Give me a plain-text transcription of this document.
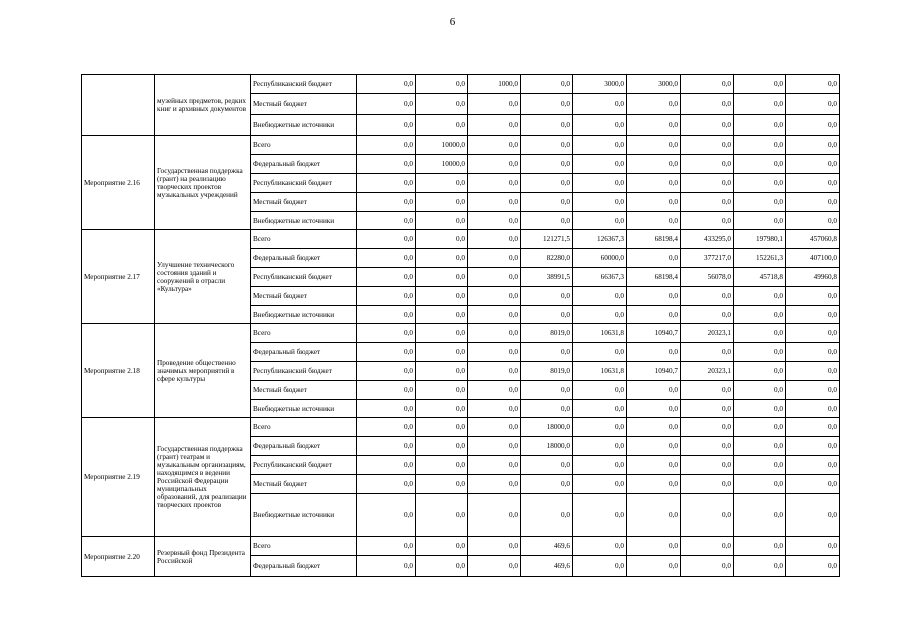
6
	музейных предметов, редких книг и архивных документов	Республиканский бюджет	0,0	0,0	1000,0	0,0	3000,0	3000,0	0,0	0,0	0,0
		Местный бюджет	0,0	0,0	0,0	0,0	0,0	0,0	0,0	0,0	0,0
		Внебюджетные источники	0,0	0,0	0,0	0,0	0,0	0,0	0,0	0,0	0,0
Мероприятие 2.16	Государственная поддержка (грант) на реализацию творческих проектов музыкальных учреждений	Всего	0,0	10000,0	0,0	0,0	0,0	0,0	0,0	0,0	0,0
		Федеральный бюджет	0,0	10000,0	0,0	0,0	0,0	0,0	0,0	0,0	0,0
		Республиканский бюджет	0,0	0,0	0,0	0,0	0,0	0,0	0,0	0,0	0,0
		Местный бюджет	0,0	0,0	0,0	0,0	0,0	0,0	0,0	0,0	0,0
		Внебюджетные источники	0,0	0,0	0,0	0,0	0,0	0,0	0,0	0,0	0,0
Мероприятие 2.17	Улучшение технического состояния зданий и сооружений в отрасли «Культура»	Всего	0,0	0,0	0,0	121271,5	126367,3	68198,4	433295,0	197980,1	457060,8
		Федеральный бюджет	0,0	0,0	0,0	82280,0	60000,0	0,0	377217,0	152261,3	407100,0
		Республиканский бюджет	0,0	0,0	0,0	38991,5	66367,3	68198,4	56078,0	45718,8	49960,8
		Местный бюджет	0,0	0,0	0,0	0,0	0,0	0,0	0,0	0,0	0,0
		Внебюджетные источники	0,0	0,0	0,0	0,0	0,0	0,0	0,0	0,0	0,0
Мероприятие 2.18	Проведение общественно значимых мероприятий в сфере культуры	Всего	0,0	0,0	0,0	8019,0	10631,8	10940,7	20323,1	0,0	0,0
		Федеральный бюджет	0,0	0,0	0,0	0,0	0,0	0,0	0,0	0,0	0,0
		Республиканский бюджет	0,0	0,0	0,0	8019,0	10631,8	10940,7	20323,1	0,0	0,0
		Местный бюджет	0,0	0,0	0,0	0,0	0,0	0,0	0,0	0,0	0,0
		Внебюджетные источники	0,0	0,0	0,0	0,0	0,0	0,0	0,0	0,0	0,0
Мероприятие 2.19	Государственная поддержка (грант) театрам и музыкальным организациям, находящимся в ведении Российской Федерации муниципальных образований, для реализации творческих проектов	Всего	0,0	0,0	0,0	18000,0	0,0	0,0	0,0	0,0	0,0
		Федеральный бюджет	0,0	0,0	0,0	18000,0	0,0	0,0	0,0	0,0	0,0
		Республиканский бюджет	0,0	0,0	0,0	0,0	0,0	0,0	0,0	0,0	0,0
		Местный бюджет	0,0	0,0	0,0	0,0	0,0	0,0	0,0	0,0	0,0
		Внебюджетные источники	0,0	0,0	0,0	0,0	0,0	0,0	0,0	0,0	0,0
Мероприятие 2.20	Резервный фонд Президента Российской	Всего	0,0	0,0	0,0	469,6	0,0	0,0	0,0	0,0	0,0
		Федеральный бюджет	0,0	0,0	0,0	469,6	0,0	0,0	0,0	0,0	0,0
